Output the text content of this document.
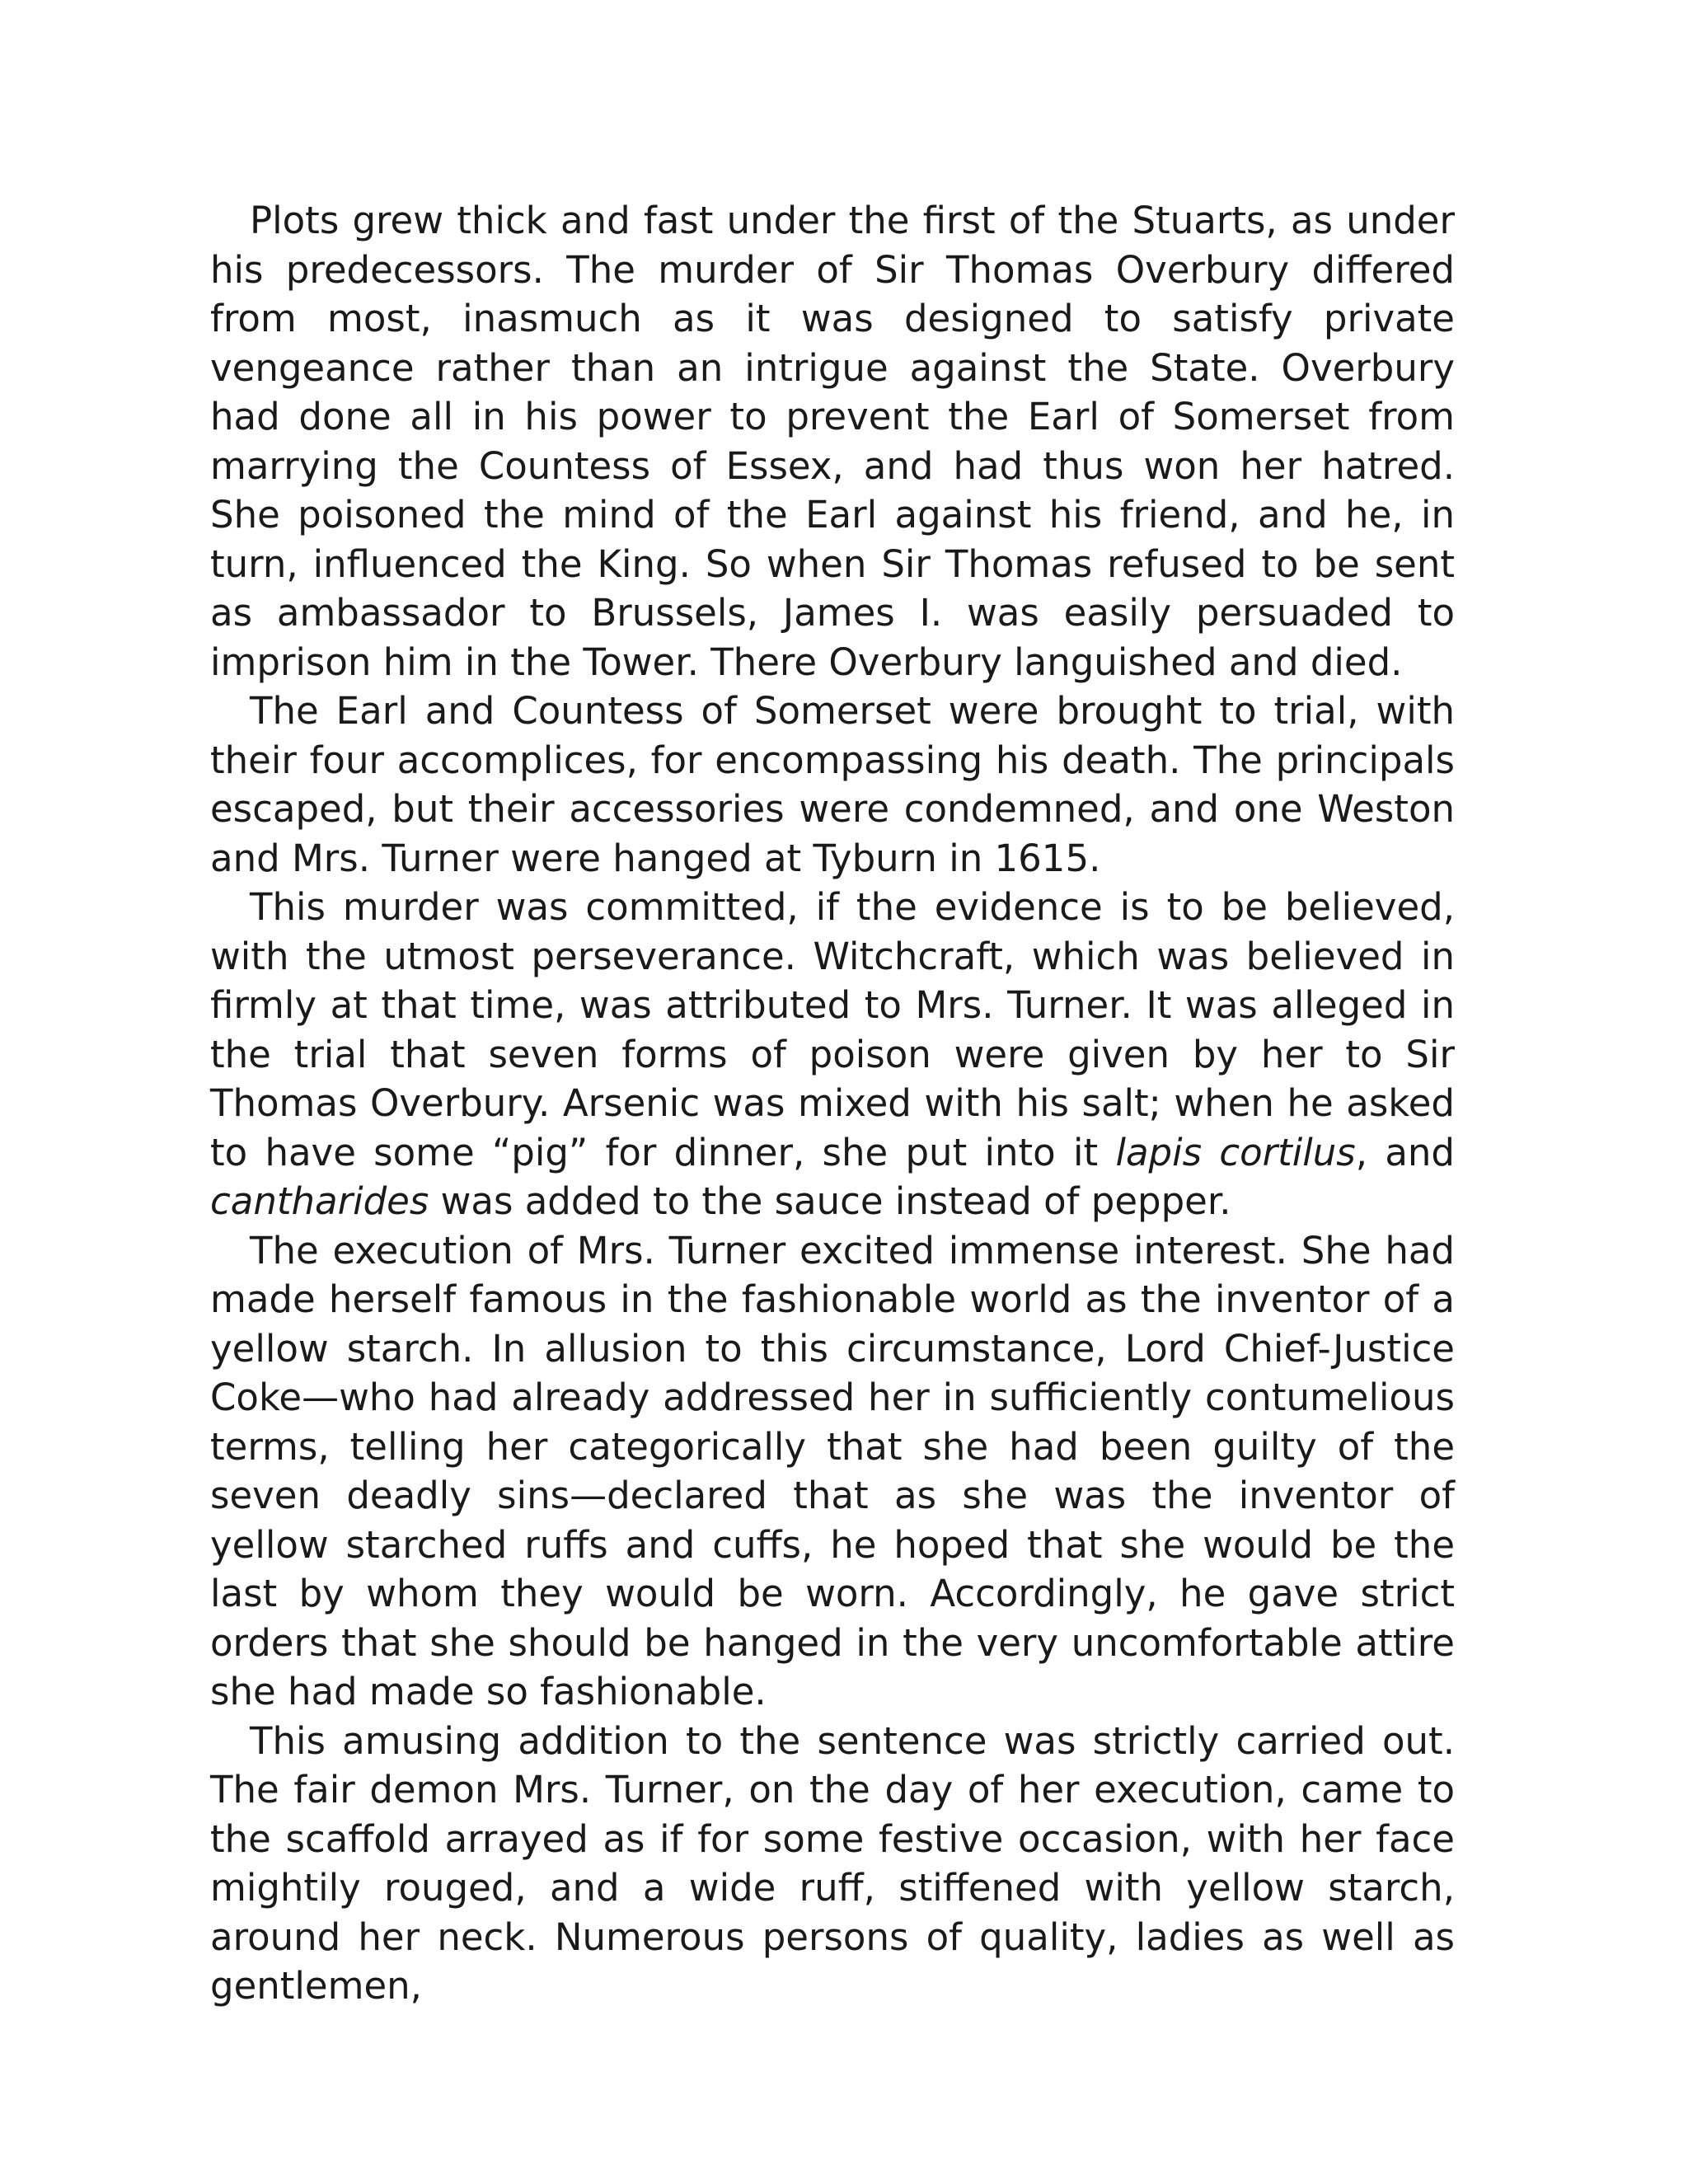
Plots grew thick and fast under the first of the Stuarts, as under his predecessors. The murder of Sir Thomas Overbury differed from most, inasmuch as it was designed to satisfy private vengeance rather than an intrigue against the State. Overbury had done all in his power to prevent the Earl of Somerset from marrying the Countess of Essex, and had thus won her hatred. She poisoned the mind of the Earl against his friend, and he, in turn, influenced the King. So when Sir Thomas refused to be sent as ambassador to Brussels, James I. was easily persuaded to imprison him in the Tower. There Overbury languished and died.

The Earl and Countess of Somerset were brought to trial, with their four accomplices, for encompassing his death. The principals escaped, but their accessories were condemned, and one Weston and Mrs. Turner were hanged at Tyburn in 1615.

This murder was committed, if the evidence is to be believed, with the utmost perseverance. Witchcraft, which was believed in firmly at that time, was attributed to Mrs. Turner. It was alleged in the trial that seven forms of poison were given by her to Sir Thomas Overbury. Arsenic was mixed with his salt; when he asked to have some “pig” for dinner, she put into it lapis cortilus, and cantharides was added to the sauce instead of pepper.

The execution of Mrs. Turner excited immense interest. She had made herself famous in the fashionable world as the inventor of a yellow starch. In allusion to this circumstance, Lord Chief-Justice Coke—who had already addressed her in sufficiently contumelious terms, telling her categorically that she had been guilty of the seven deadly sins—declared that as she was the inventor of yellow starched ruffs and cuffs, he hoped that she would be the last by whom they would be worn. Accordingly, he gave strict orders that she should be hanged in the very uncomfortable attire she had made so fashionable.

This amusing addition to the sentence was strictly carried out. The fair demon Mrs. Turner, on the day of her execution, came to the scaffold arrayed as if for some festive occasion, with her face mightily rouged, and a wide ruff, stiffened with yellow starch, around her neck. Numerous persons of quality, ladies as well as gentlemen,
